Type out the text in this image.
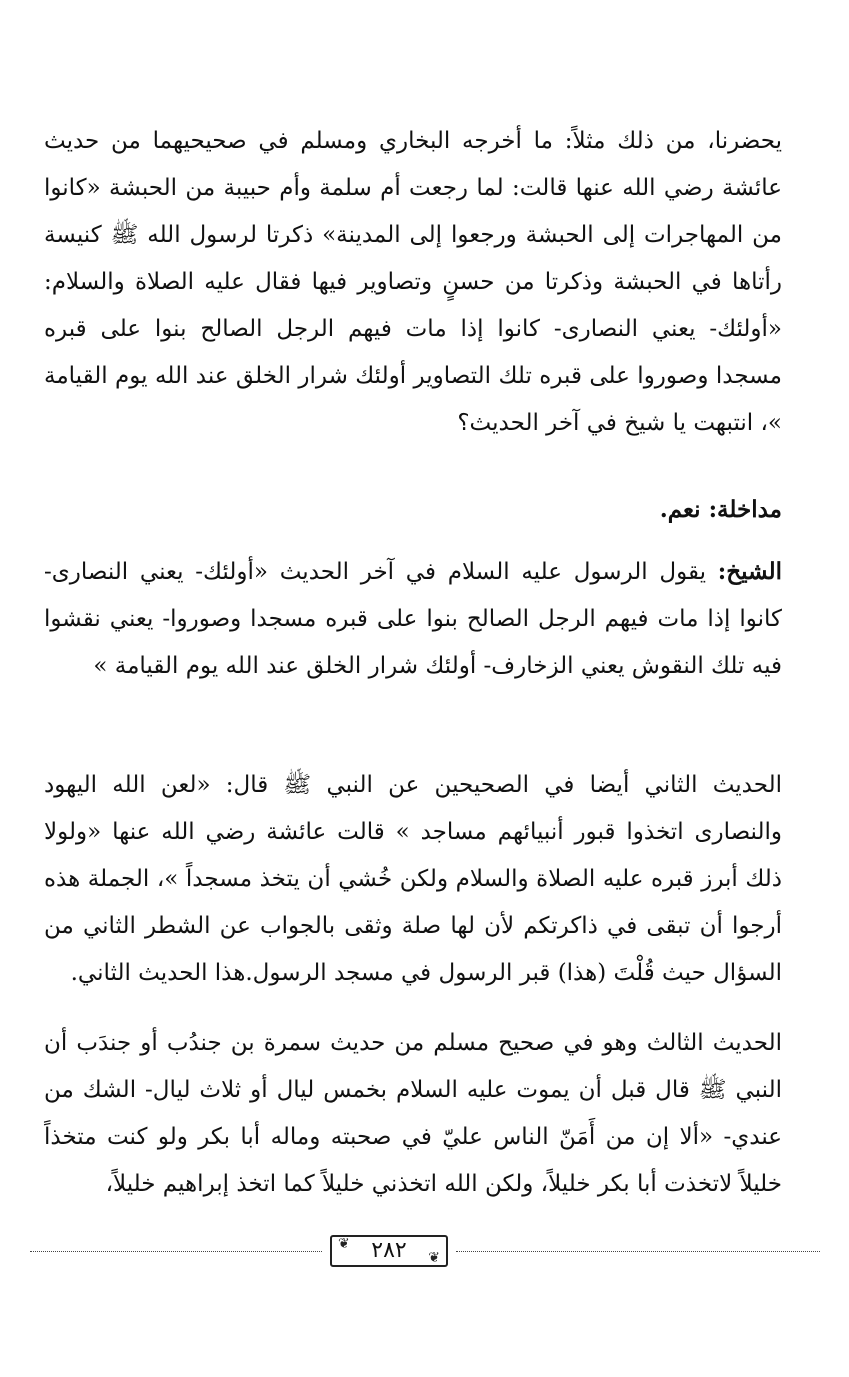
يحضرنا، من ذلك مثلاً: ما أخرجه البخاري ومسلم في صحيحيهما من حديث عائشة رضي الله عنها قالت: لما رجعت أم سلمة وأم حبيبة من الحبشة «كانوا من المهاجرات إلى الحبشة ورجعوا إلى المدينة» ذكرتا لرسول الله ﷺ كنيسة رأتاها في الحبشة وذكرتا من حسنٍ وتصاوير فيها فقال عليه الصلاة والسلام: «أولئك- يعني النصارى- كانوا إذا مات فيهم الرجل الصالح بنوا على قبره مسجدا وصوروا على قبره تلك التصاوير أولئك شرار الخلق عند الله يوم القيامة »، انتبهت يا شيخ في آخر الحديث؟

مداخلة: نعم.

الشيخ: يقول الرسول عليه السلام في آخر الحديث «أولئك- يعني النصارى- كانوا إذا مات فيهم الرجل الصالح بنوا على قبره مسجدا وصوروا- يعني نقشوا فيه تلك النقوش يعني الزخارف- أولئك شرار الخلق عند الله يوم القيامة »

الحديث الثاني أيضا في الصحيحين عن النبي ﷺ قال: «لعن الله اليهود والنصارى اتخذوا قبور أنبيائهم مساجد » قالت عائشة رضي الله عنها «ولولا ذلك أبرز قبره عليه الصلاة والسلام ولكن خُشي أن يتخذ مسجداً »، الجملة هذه أرجوا أن تبقى في ذاكرتكم لأن لها صلة وثقى بالجواب عن الشطر الثاني من السؤال حيث قُلْتَ (هذا) قبر الرسول في مسجد الرسول.هذا الحديث الثاني.

الحديث الثالث وهو في صحيح مسلم من حديث سمرة بن جندُب أو جندَب أن النبي ﷺ قال قبل أن يموت عليه السلام بخمس ليال أو ثلاث ليال- الشك من عندي- «ألا إن من أَمَنّ الناس عليّ في صحبته وماله أبا بكر ولو كنت متخذاً خليلاً لاتخذت أبا بكر خليلاً، ولكن الله اتخذني خليلاً كما اتخذ إبراهيم خليلاً،

❦ ٢٨٢ ❦
